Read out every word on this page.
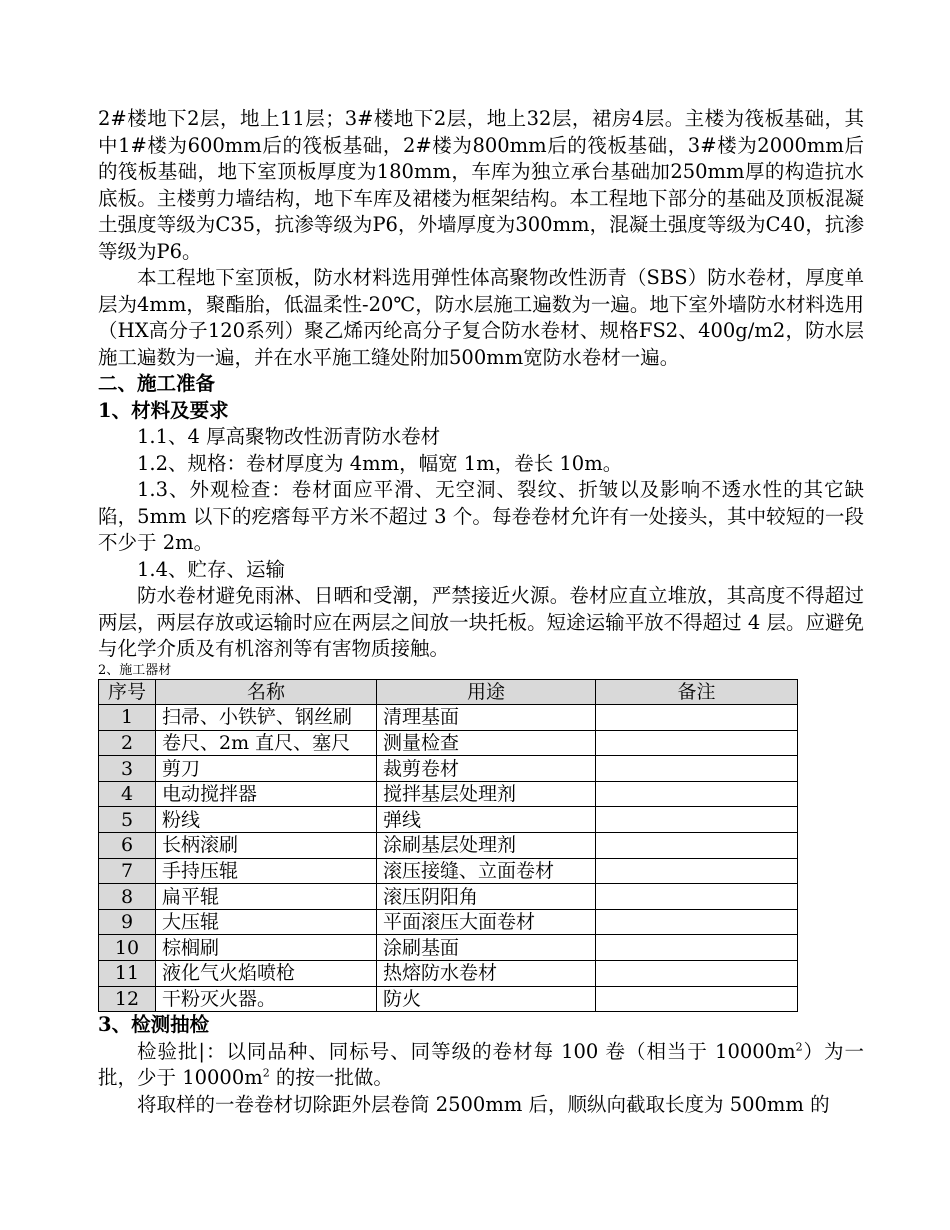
2#楼地下2层，地上11层；3#楼地下2层，地上32层，裙房4层。主楼为筏板基础，其中1#楼为600mm后的筏板基础，2#楼为800mm后的筏板基础，3#楼为2000mm后的筏板基础，地下室顶板厚度为180mm，车库为独立承台基础加250mm厚的构造抗水底板。主楼剪力墙结构，地下车库及裙楼为框架结构。本工程地下部分的基础及顶板混凝土强度等级为C35，抗渗等级为P6，外墙厚度为300mm，混凝土强度等级为C40，抗渗等级为P6。

本工程地下室顶板，防水材料选用弹性体高聚物改性沥青（SBS）防水卷材，厚度单层为4mm，聚酯胎，低温柔性-20℃，防水层施工遍数为一遍。地下室外墙防水材料选用（HX高分子120系列）聚乙烯丙纶高分子复合防水卷材、规格FS2、400g/m2，防水层施工遍数为一遍，并在水平施工缝处附加500mm宽防水卷材一遍。

二、施工准备
1、材料及要求

1.1、4 厚高聚物改性沥青防水卷材

1.2、规格：卷材厚度为 4mm，幅宽 1m，卷长 10m。

1.3、外观检查：卷材面应平滑、无空洞、裂纹、折皱以及影响不透水性的其它缺陷，5mm 以下的疙瘩每平方米不超过 3 个。每卷卷材允许有一处接头，其中较短的一段不少于 2m。

1.4、贮存、运输

防水卷材避免雨淋、日晒和受潮，严禁接近火源。卷材应直立堆放，其高度不得超过两层，两层存放或运输时应在两层之间放一块托板。短途运输平放不得超过 4 层。应避免与化学介质及有机溶剂等有害物质接触。

2、施工器材
序号	名称	用途	备注
1	扫帚、小铁铲、钢丝刷	清理基面	
2	卷尺、2m 直尺、塞尺	测量检查	
3	剪刀	裁剪卷材	
4	电动搅拌器	搅拌基层处理剂	
5	粉线	弹线	
6	长柄滚刷	涂刷基层处理剂	
7	手持压辊	滚压接缝、立面卷材	
8	扁平辊	滚压阴阳角	
9	大压辊	平面滚压大面卷材	
10	棕榈刷	涂刷基面	
11	液化气火焰喷枪	热熔防水卷材	
12	干粉灭火器。	防火	
3、检测抽检

检验批|：以同品种、同标号、同等级的卷材每 100 卷（相当于 $10000m^2$）为一批，少于 $10000m^2$ 的按一批做。

将取样的一卷卷材切除距外层卷筒 2500mm 后，顺纵向截取长度为 500mm 的
